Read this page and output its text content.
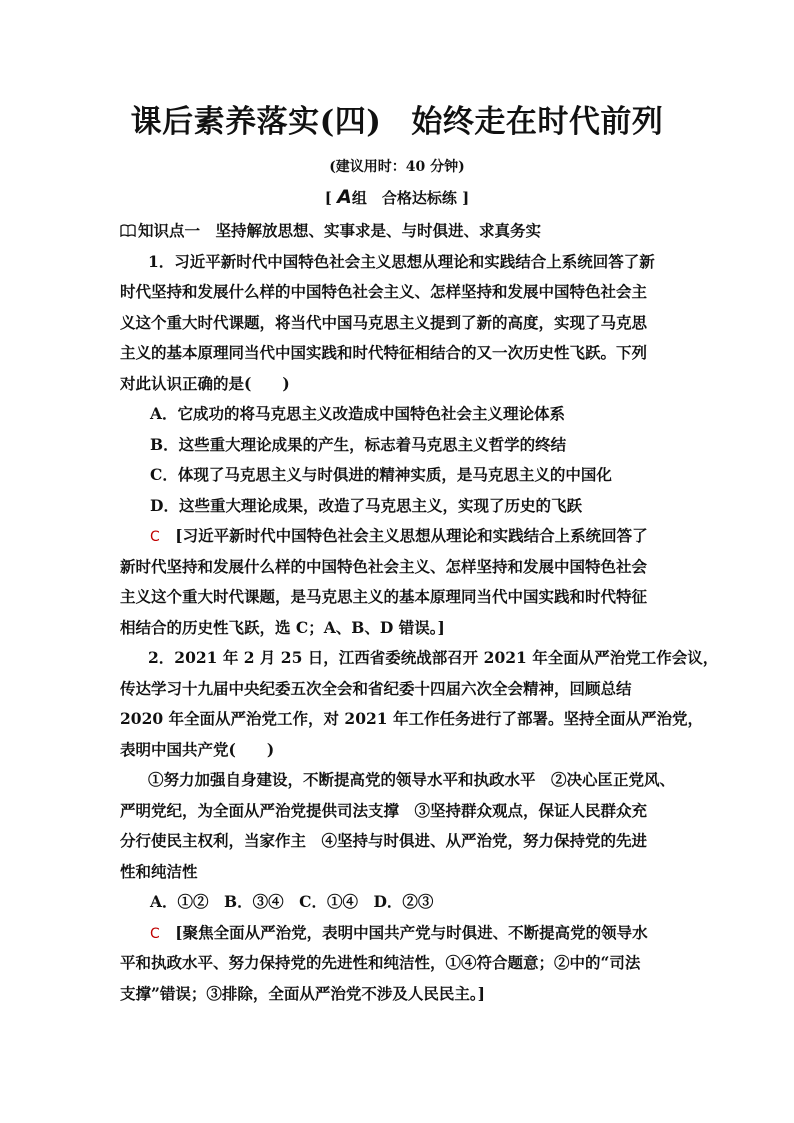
课后素养落实(四) 始终走在时代前列
(建议用时：40 分钟)
[ A组　合格达标练 ]
知识点一　坚持解放思想、实事求是、与时俱进、求真务实
1．习近平新时代中国特色社会主义思想从理论和实践结合上系统回答了新
时代坚持和发展什么样的中国特色社会主义、怎样坚持和发展中国特色社会主
义这个重大时代课题，将当代中国马克思主义提到了新的高度，实现了马克思
主义的基本原理同当代中国实践和时代特征相结合的又一次历史性飞跃。下列
对此认识正确的是(　　)
A．它成功的将马克思主义改造成中国特色社会主义理论体系
B．这些重大理论成果的产生，标志着马克思主义哲学的终结
C．体现了马克思主义与时俱进的精神实质，是马克思主义的中国化
D．这些重大理论成果，改造了马克思主义，实现了历史的飞跃
C　[习近平新时代中国特色社会主义思想从理论和实践结合上系统回答了
新时代坚持和发展什么样的中国特色社会主义、怎样坚持和发展中国特色社会
主义这个重大时代课题，是马克思主义的基本原理同当代中国实践和时代特征
相结合的历史性飞跃，选 C；A、B、D 错误。]
2．2021 年 2 月 25 日，江西省委统战部召开 2021 年全面从严治党工作会议，
传达学习十九届中央纪委五次全会和省纪委十四届六次全会精神，回顾总结
2020 年全面从严治党工作，对 2021 年工作任务进行了部署。坚持全面从严治党，
表明中国共产党(　　)
①努力加强自身建设，不断提高党的领导水平和执政水平　②决心匡正党风、
严明党纪，为全面从严治党提供司法支撑　③坚持群众观点，保证人民群众充
分行使民主权利，当家作主　④坚持与时俱进、从严治党，努力保持党的先进
性和纯洁性
A．①②　B．③④　C．①④　D．②③
C　[聚焦全面从严治党，表明中国共产党与时俱进、不断提高党的领导水
平和执政水平、努力保持党的先进性和纯洁性，①④符合题意；②中的“司法
支撑”错误；③排除，全面从严治党不涉及人民民主。]
